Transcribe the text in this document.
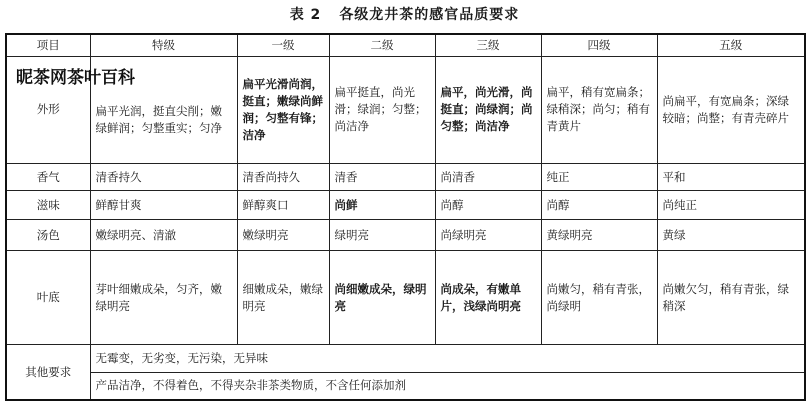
表 2 各级龙井茶的感官品质要求
项目	特级	一级	二级	三级	四级	五级
外形	扁平光润，挺直尖削；嫩绿鲜润；匀整重实；匀净	扁平光滑尚润，挺直；嫩绿尚鲜润；匀整有锋；洁净	扁平挺直，尚光滑；绿润；匀整；尚洁净	扁平，尚光滑，尚挺直；尚绿润；尚匀整；尚洁净	扁平，稍有宽扁条；绿稍深；尚匀；稍有青黄片	尚扁平，有宽扁条；深绿较暗；尚整；有青壳碎片
香气	清香持久	清香尚持久	清香	尚清香	纯正	平和
滋味	鲜醇甘爽	鲜醇爽口	尚鲜	尚醇	尚醇	尚纯正
汤色	嫩绿明亮、清澈	嫩绿明亮	绿明亮	尚绿明亮	黄绿明亮	黄绿
叶底	芽叶细嫩成朵，匀齐，嫩绿明亮	细嫩成朵，嫩绿明亮	尚细嫩成朵，绿明亮	尚成朵，有嫩单片，浅绿尚明亮	尚嫩匀，稍有青张，尚绿明	尚嫩欠匀，稍有青张，绿稍深
其他要求	无霉变，无劣变，无污染，无异味					
	产品洁净，不得着色，不得夹杂非茶类物质，不含任何添加剂					
昵茶网茶叶百科
